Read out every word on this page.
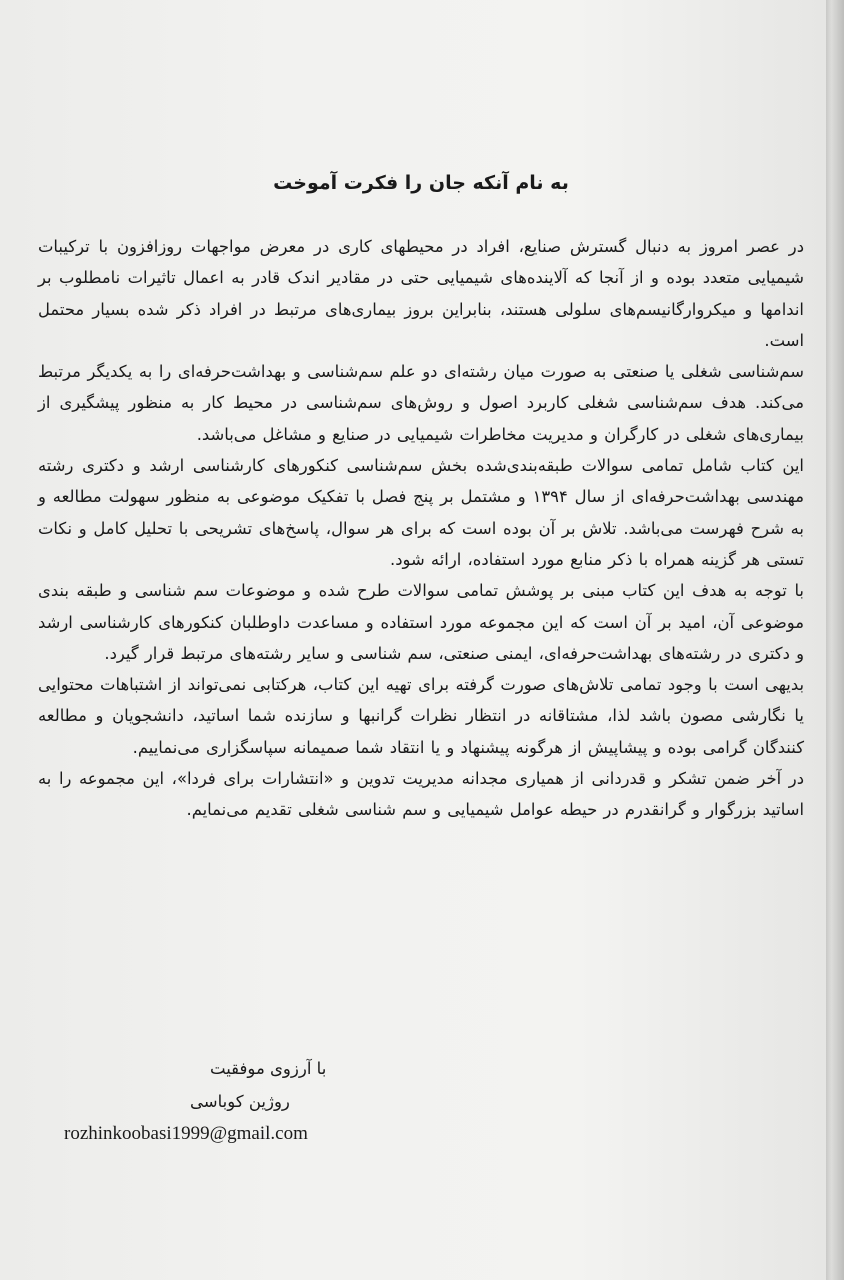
به نام آنکه جان را فکرت آموخت

در عصر امروز به دنبال گسترش صنایع، افراد در محیطهای کاری در معرض مواجهات روزافزون با ترکیبات شیمیایی متعدد بوده و از آنجا که آلاینده‌های شیمیایی حتی در مقادیر اندک قادر به اعمال تاثیرات نامطلوب بر اندامها و میکروارگانیسم‌های سلولی هستند، بنابراین بروز بیماری‌های مرتبط در افراد ذکر شده بسیار محتمل است.

سم‌شناسی شغلی یا صنعتی به صورت میان رشته‌ای دو علم سم‌شناسی و بهداشت‌حرفه‌ای را به یکدیگر مرتبط می‌کند. هدف سم‌شناسی شغلی کاربرد اصول و روش‌های سم‌شناسی در محیط کار به منظور پیشگیری از بیماری‌های شغلی در کارگران و مدیریت مخاطرات شیمیایی در صنایع و مشاغل می‌باشد.

این کتاب شامل تمامی سوالات طبقه‌بندی‌شده بخش سم‌شناسی کنکورهای کارشناسی ارشد و دکتری رشته مهندسی بهداشت‌حرفه‌ای از سال ۱۳۹۴ و مشتمل بر پنج فصل با تفکیک موضوعی به منظور سهولت مطالعه و به شرح فهرست می‌باشد. تلاش بر آن بوده است که برای هر سوال، پاسخ‌های تشریحی با تحلیل کامل و نکات تستی هر گزینه همراه با ذکر منابع مورد استفاده، ارائه شود.

با توجه به هدف این کتاب مبنی بر پوشش تمامی سوالات طرح شده و موضوعات سم شناسی و طبقه بندی موضوعی آن، امید بر آن است که این مجموعه مورد استفاده و مساعدت داوطلبان کنکورهای کارشناسی ارشد و دکتری در رشته‌های بهداشت‌حرفه‌ای، ایمنی صنعتی، سم شناسی و سایر رشته‌های مرتبط قرار گیرد.

بدیهی است با وجود تمامی تلاش‌های صورت گرفته برای تهیه این کتاب، هرکتابی نمی‌تواند از اشتباهات محتوایی یا نگارشی مصون باشد لذا، مشتاقانه در انتظار نظرات گرانبها و سازنده شما اساتید، دانشجویان و مطالعه کنندگان گرامی بوده و پیشاپیش از هرگونه پیشنهاد و یا انتقاد شما صمیمانه سپاسگزاری می‌نماییم.

در آخر ضمن تشکر و قدردانی از همیاری مجدانه مدیریت تدوین و «انتشارات برای فردا»، این مجموعه را به اساتید بزرگوار و گرانقدرم در حیطه عوامل شیمیایی و سم شناسی شغلی تقدیم می‌نمایم.

با آرزوی موفقیت

روژین کوباسی

rozhinkoobasi1999@gmail.com
